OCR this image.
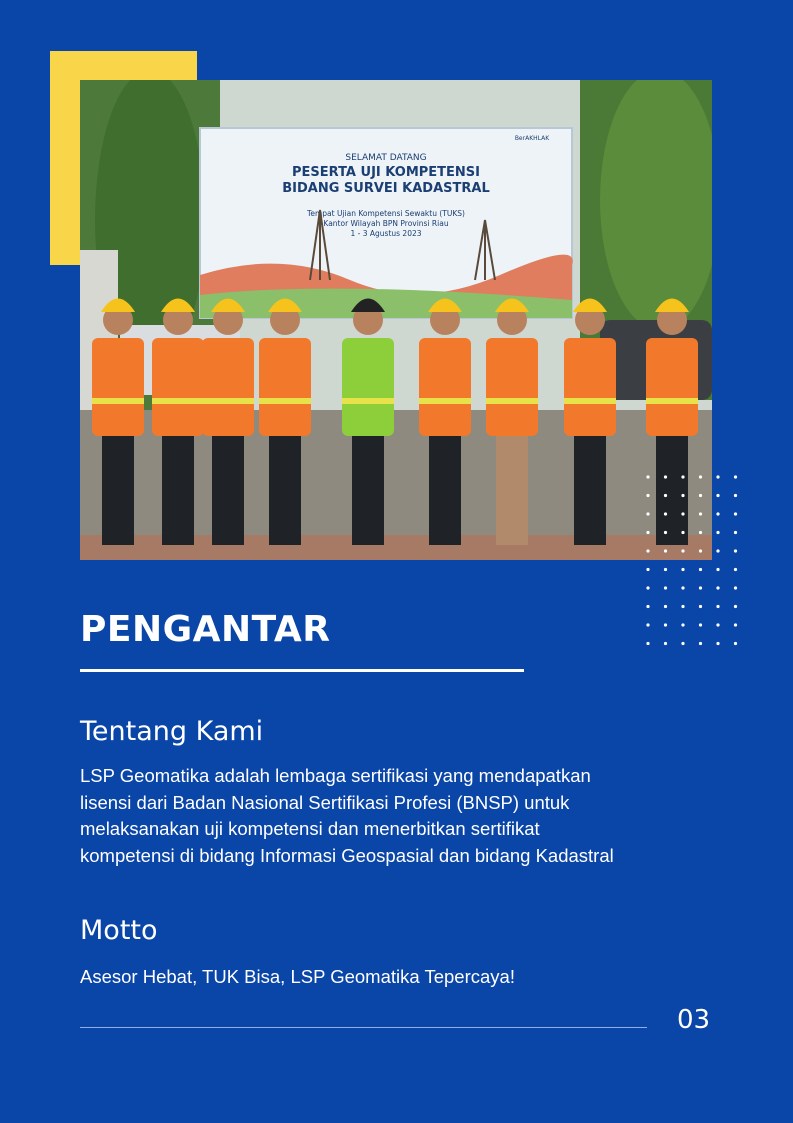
SELAMAT DATANG
PESERTA UJI KOMPETENSI
BIDANG SURVEI KADASTRAL
Tempat Ujian Kompetensi Sewaktu (TUKS)
Kantor Wilayah BPN Provinsi Riau
1 - 3 Agustus 2023
BerAKHLAK
PENGANTAR
Tentang Kami

LSP Geomatika adalah lembaga sertifikasi yang mendapatkan
lisensi dari Badan Nasional Sertifikasi Profesi (BNSP) untuk
melaksanakan uji kompetensi dan menerbitkan sertifikat
kompetensi di bidang Informasi Geospasial dan bidang Kadastral

Motto

Asesor Hebat, TUK Bisa, LSP Geomatika Tepercaya!

03
